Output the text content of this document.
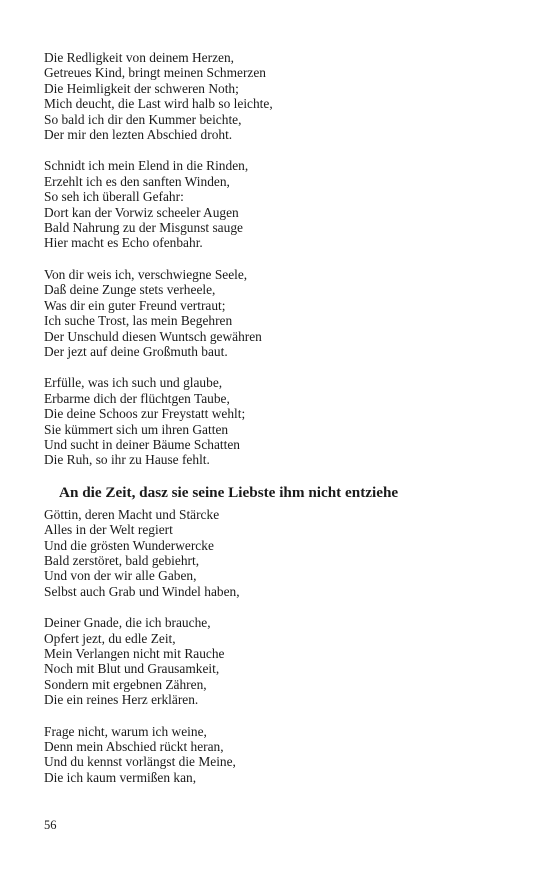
Die Redligkeit von deinem Herzen,
Getreues Kind, bringt meinen Schmerzen
Die Heimligkeit der schweren Noth;
Mich deucht, die Last wird halb so leichte,
So bald ich dir den Kummer beichte,
Der mir den lezten Abschied droht.
Schnidt ich mein Elend in die Rinden,
Erzehlt ich es den sanften Winden,
So seh ich überall Gefahr:
Dort kan der Vorwiz scheeler Augen
Bald Nahrung zu der Misgunst sauge
Hier macht es Echo ofenbahr.
Von dir weis ich, verschwiegne Seele,
Daß deine Zunge stets verheele,
Was dir ein guter Freund vertraut;
Ich suche Trost, las mein Begehren
Der Unschuld diesen Wuntsch gewähren
Der jezt auf deine Großmuth baut.
Erfülle, was ich such und glaube,
Erbarme dich der flüchtgen Taube,
Die deine Schoos zur Freystatt wehlt;
Sie kümmert sich um ihren Gatten
Und sucht in deiner Bäume Schatten
Die Ruh, so ihr zu Hause fehlt.
An die Zeit, dasz sie seine Liebste ihm nicht entziehe
Göttin, deren Macht und Stärcke
Alles in der Welt regiert
Und die grösten Wunderwercke
Bald zerstöret, bald gebiehrt,
Und von der wir alle Gaben,
Selbst auch Grab und Windel haben,
Deiner Gnade, die ich brauche,
Opfert jezt, du edle Zeit,
Mein Verlangen nicht mit Rauche
Noch mit Blut und Grausamkeit,
Sondern mit ergebnen Zähren,
Die ein reines Herz erklären.
Frage nicht, warum ich weine,
Denn mein Abschied rückt heran,
Und du kennst vorlängst die Meine,
Die ich kaum vermißen kan,
56
